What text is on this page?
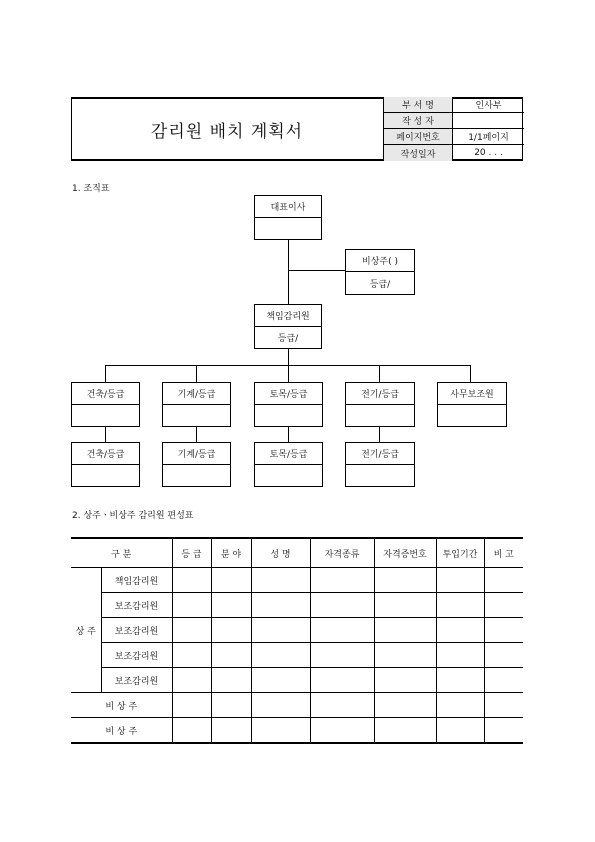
감리원 배치 계획서
부 서 명	인사부
작 성 자
페이지번호	1/1페이지
작성일자	20 . . .
1. 조직표
대표이사
비상주( )
등급/
책임감리원
등급/
건축/등급	기계/등급	토목/등급	전기/등급	사무보조원
건축/등급	기계/등급	토목/등급	전기/등급
2. 상주ㆍ비상주 감리원 편성표
구 분		등 급	분 야	성 명	자격종류	자격증번호	투입기간	비 고
상 주	책임감리원							
	보조감리원							
	보조감리원							
	보조감리원							
	보조감리원							
비 상 주								
비 상 주								
